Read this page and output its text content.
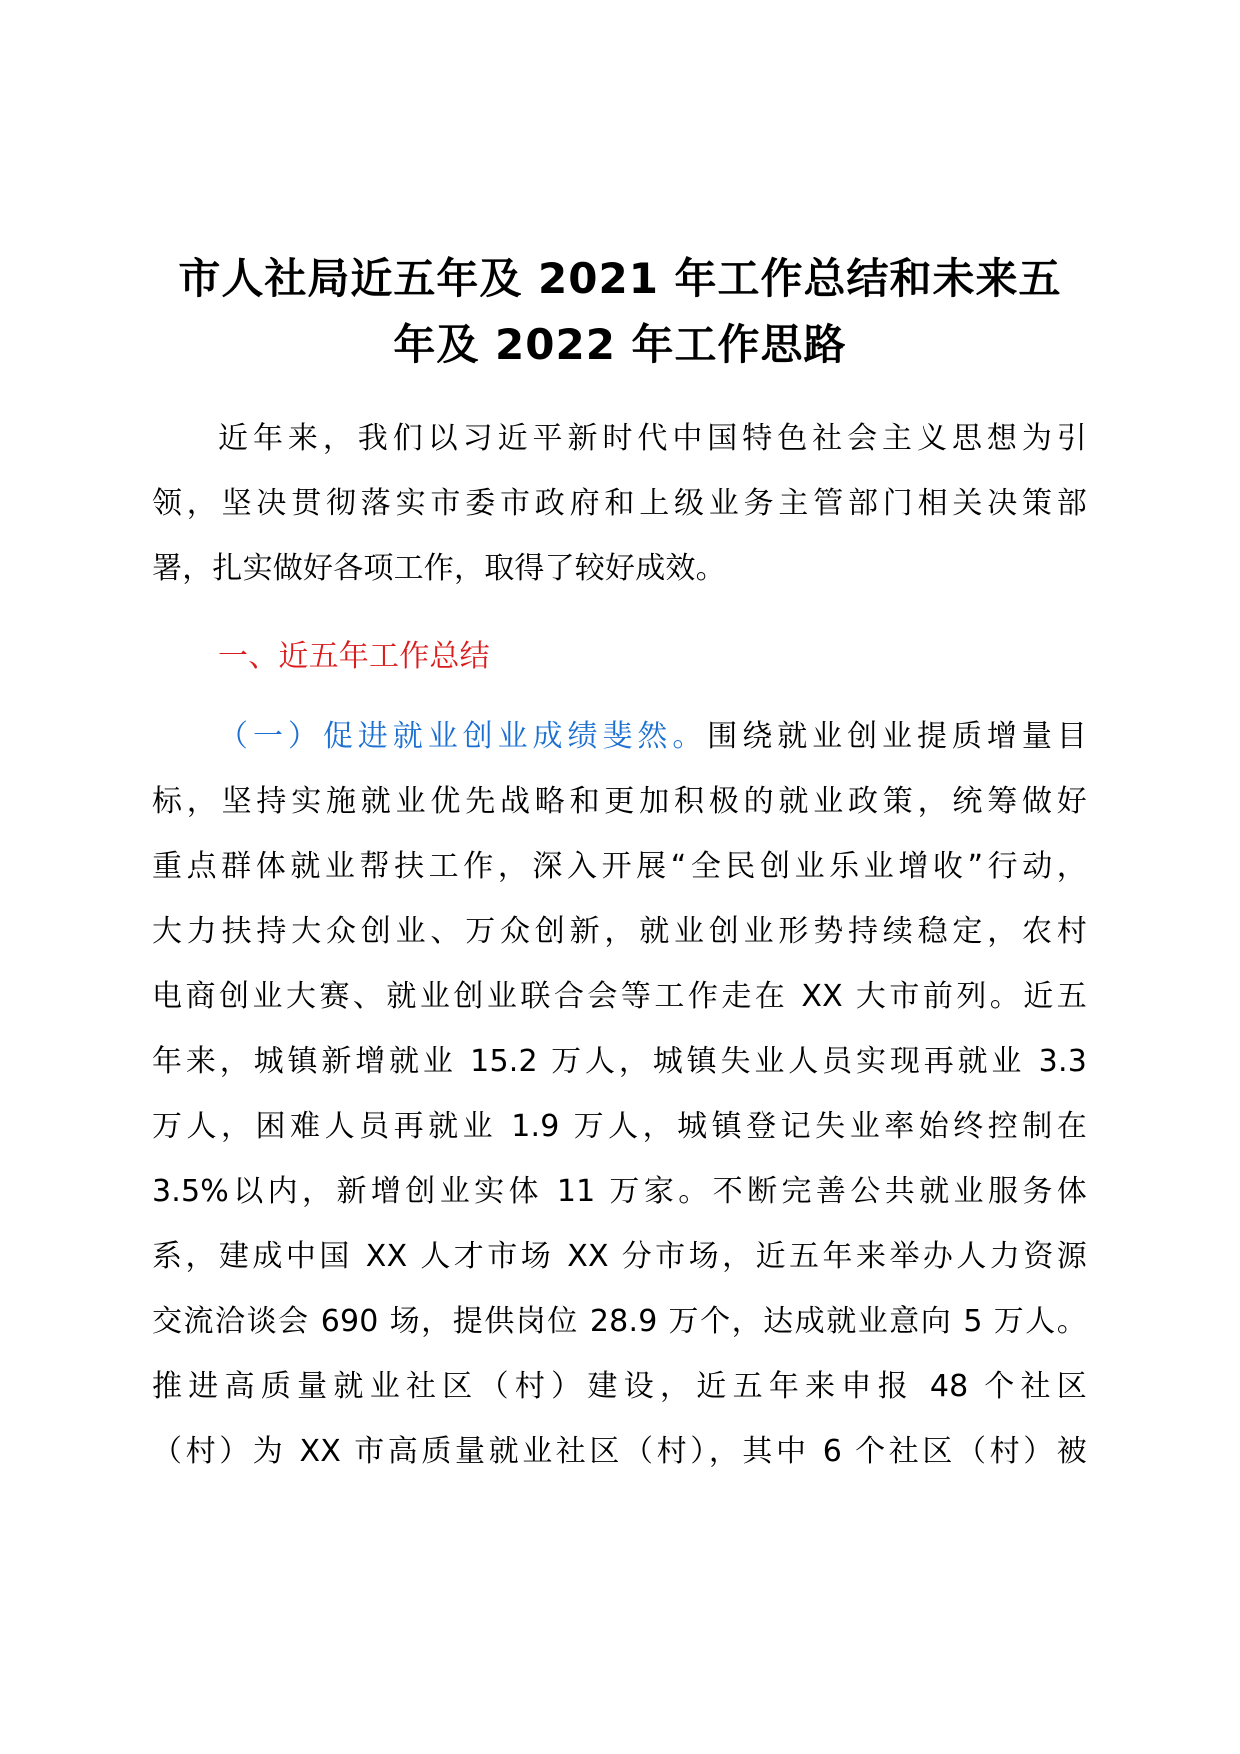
市人社局近五年及 2021 年工作总结和未来五
年及 2022 年工作思路
近年来，我们以习近平新时代中国特色社会主义思想为引
领，坚决贯彻落实市委市政府和上级业务主管部门相关决策部
署，扎实做好各项工作，取得了较好成效。
一、近五年工作总结
（一）促进就业创业成绩斐然。围绕就业创业提质增量目
标，坚持实施就业优先战略和更加积极的就业政策，统筹做好
重点群体就业帮扶工作，深入开展“全民创业乐业增收”行动，
大力扶持大众创业、万众创新，就业创业形势持续稳定，农村
电商创业大赛、就业创业联合会等工作走在 XX 大市前列。近五
年来，城镇新增就业 15.2 万人，城镇失业人员实现再就业 3.3
万人，困难人员再就业 1.9 万人，城镇登记失业率始终控制在
3.5%以内，新增创业实体 11 万家。不断完善公共就业服务体
系，建成中国 XX 人才市场 XX 分市场，近五年来举办人力资源
交流洽谈会 690 场，提供岗位 28.9 万个，达成就业意向 5 万人。
推进高质量就业社区（村）建设，近五年来申报 48 个社区
（村）为 XX 市高质量就业社区（村），其中 6 个社区（村）被
